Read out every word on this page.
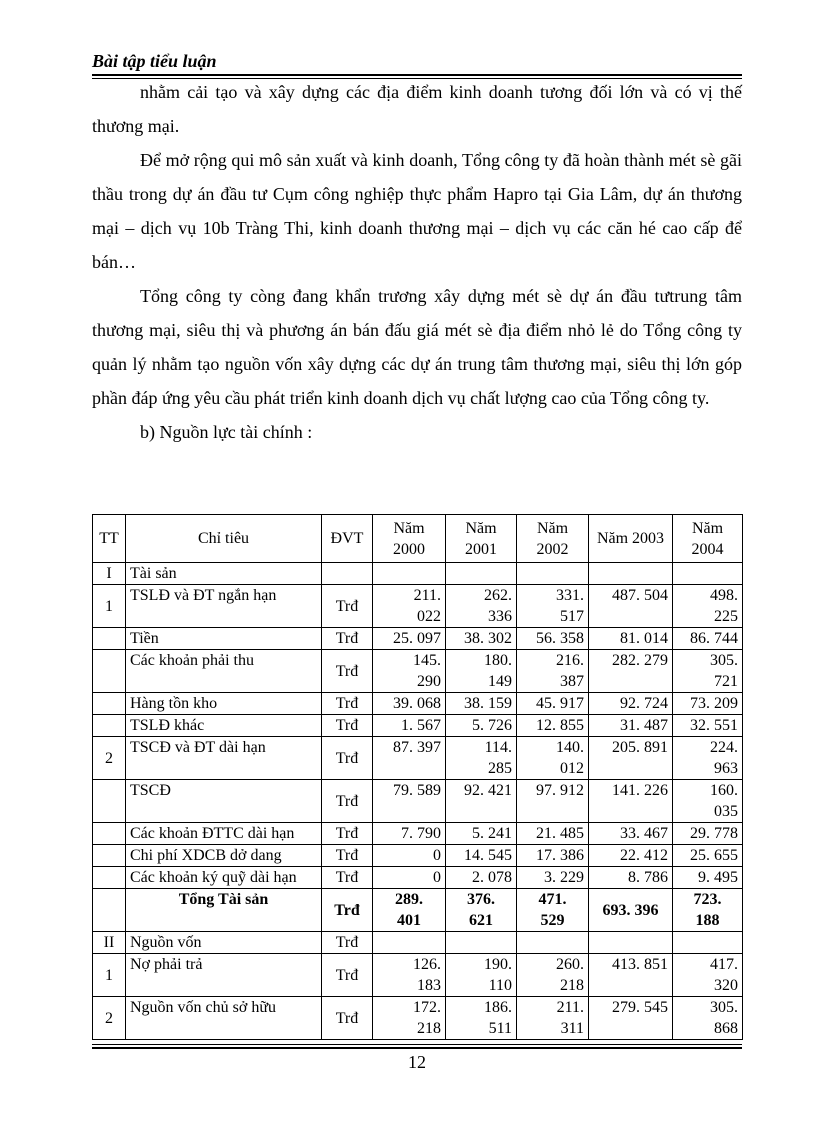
Bài tập tiểu luận

nhằm cải tạo và xây dựng các địa điểm kinh doanh tương đối lớn và có vị thế thương mại.

Để mở rộng qui mô sản xuất và kinh doanh, Tổng công ty đã hoàn thành mét sè gãi thầu trong dự án đầu tư Cụm công nghiệp thực phẩm Hapro tại Gia Lâm, dự án thương mại – dịch vụ 10b Tràng Thi, kinh doanh thương mại – dịch vụ các căn hé cao cấp để bán…

Tổng công ty còng đang khẩn trương xây dựng mét sè dự án đầu tưtrung tâm thương mại, siêu thị và phương án bán đấu giá mét sè địa điểm nhỏ lẻ do Tổng công ty quản lý nhằm tạo nguồn vốn xây dựng các dự án trung tâm thương mại, siêu thị lớn góp phần đáp ứng yêu cầu phát triển kinh doanh dịch vụ chất lượng cao của Tổng công ty.

b) Nguồn lực tài chính :

TT	Chỉ tiêu	ĐVT	Năm 2000	Năm 2001	Năm 2002	Năm 2003	Năm 2004
I	Tài sản						
1	TSLĐ và ĐT ngắn hạn	Trđ	211. 022	262. 336	331. 517	487. 504	498. 225
	Tiền	Trđ	25. 097	38. 302	56. 358	81. 014	86. 744
	Các khoản phải thu	Trđ	145. 290	180. 149	216. 387	282. 279	305. 721
	Hàng tồn kho	Trđ	39. 068	38. 159	45. 917	92. 724	73. 209
	TSLĐ khác	Trđ	1. 567	5. 726	12. 855	31. 487	32. 551
2	TSCĐ và ĐT dài hạn	Trđ	87. 397	114. 285	140. 012	205. 891	224. 963
	TSCĐ	Trđ	79. 589	92. 421	97. 912	141. 226	160. 035
	Các khoản ĐTTC dài hạn	Trđ	7. 790	5. 241	21. 485	33. 467	29. 778
	Chi phí XDCB dở dang	Trđ	0	14. 545	17. 386	22. 412	25. 655
	Các khoản ký quỹ dài hạn	Trđ	0	2. 078	3. 229	8. 786	9. 495
	Tổng Tài sản	Trđ	289. 401	376. 621	471. 529	693. 396	723. 188
II	Nguồn vốn	Trđ					
1	Nợ phải trả	Trđ	126. 183	190. 110	260. 218	413. 851	417. 320
2	Nguồn vốn chủ sở hữu	Trđ	172. 218	186. 511	211. 311	279. 545	305. 868
12
